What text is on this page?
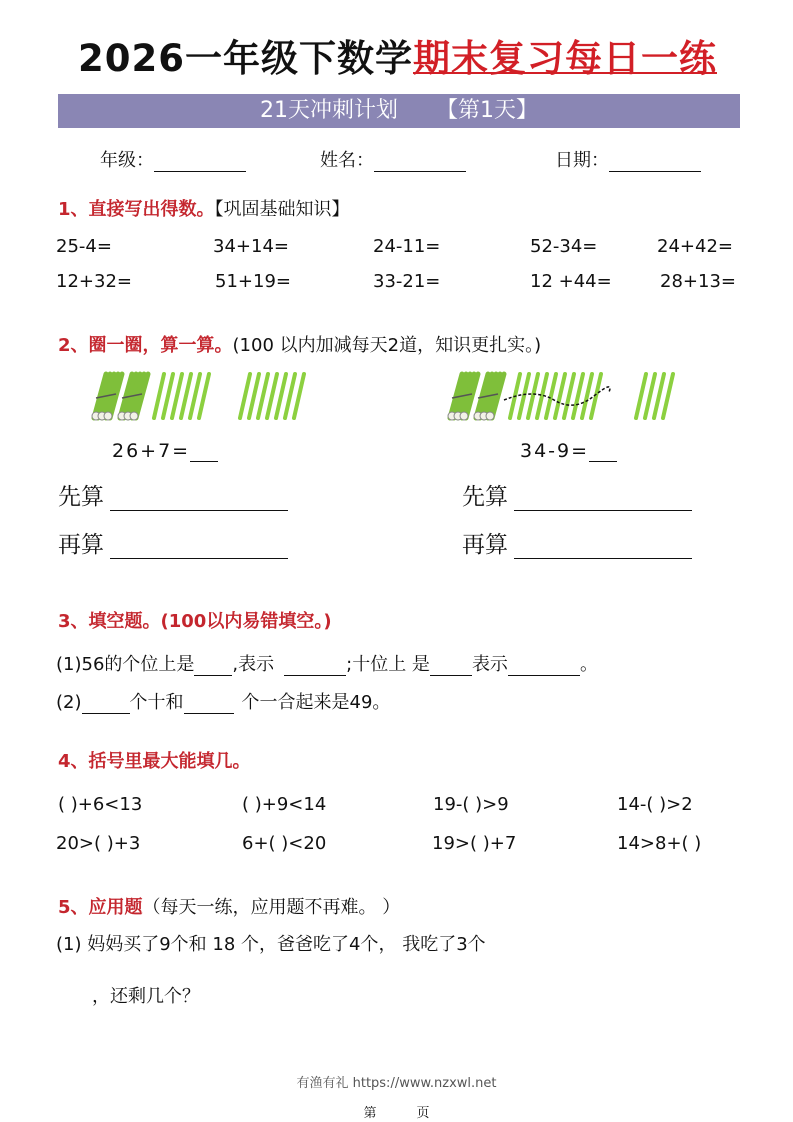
2026一年级下数学期末复习每日一练
21天冲刺计划 【第1天】
年级：	姓名：	日期：
1、直接写出得数。【巩固基础知识】
25-4=	34+14=	24-11=	52-34=	24+42=
12+32=	51+19=	33-21=	12 +44=	28+13=
2、圈一圈，算一算。(100 以内加减每天2道，知识更扎实。)
26+7=	34-9=
先算
再算
先算
再算
3、填空题。(100以内易错填空。)
(1)56的个位上是 ,表示	;十位上 是 表示	。
(2)	个十和	个一合起来是49。
4、括号里最大能填几。
( )+6<13	( )+9<14	19-( )>9	14-( )>2
20>( )+3	6+( )<20	19>( )+7	14>8+( )
5、应用题（每天一练，应用题不再难。 ）
(1) 妈妈买了9个和 18 个，爸爸吃了4个， 我吃了3个
，还剩几个？
有渔有礼 https://www.nzxwl.net
第	页
